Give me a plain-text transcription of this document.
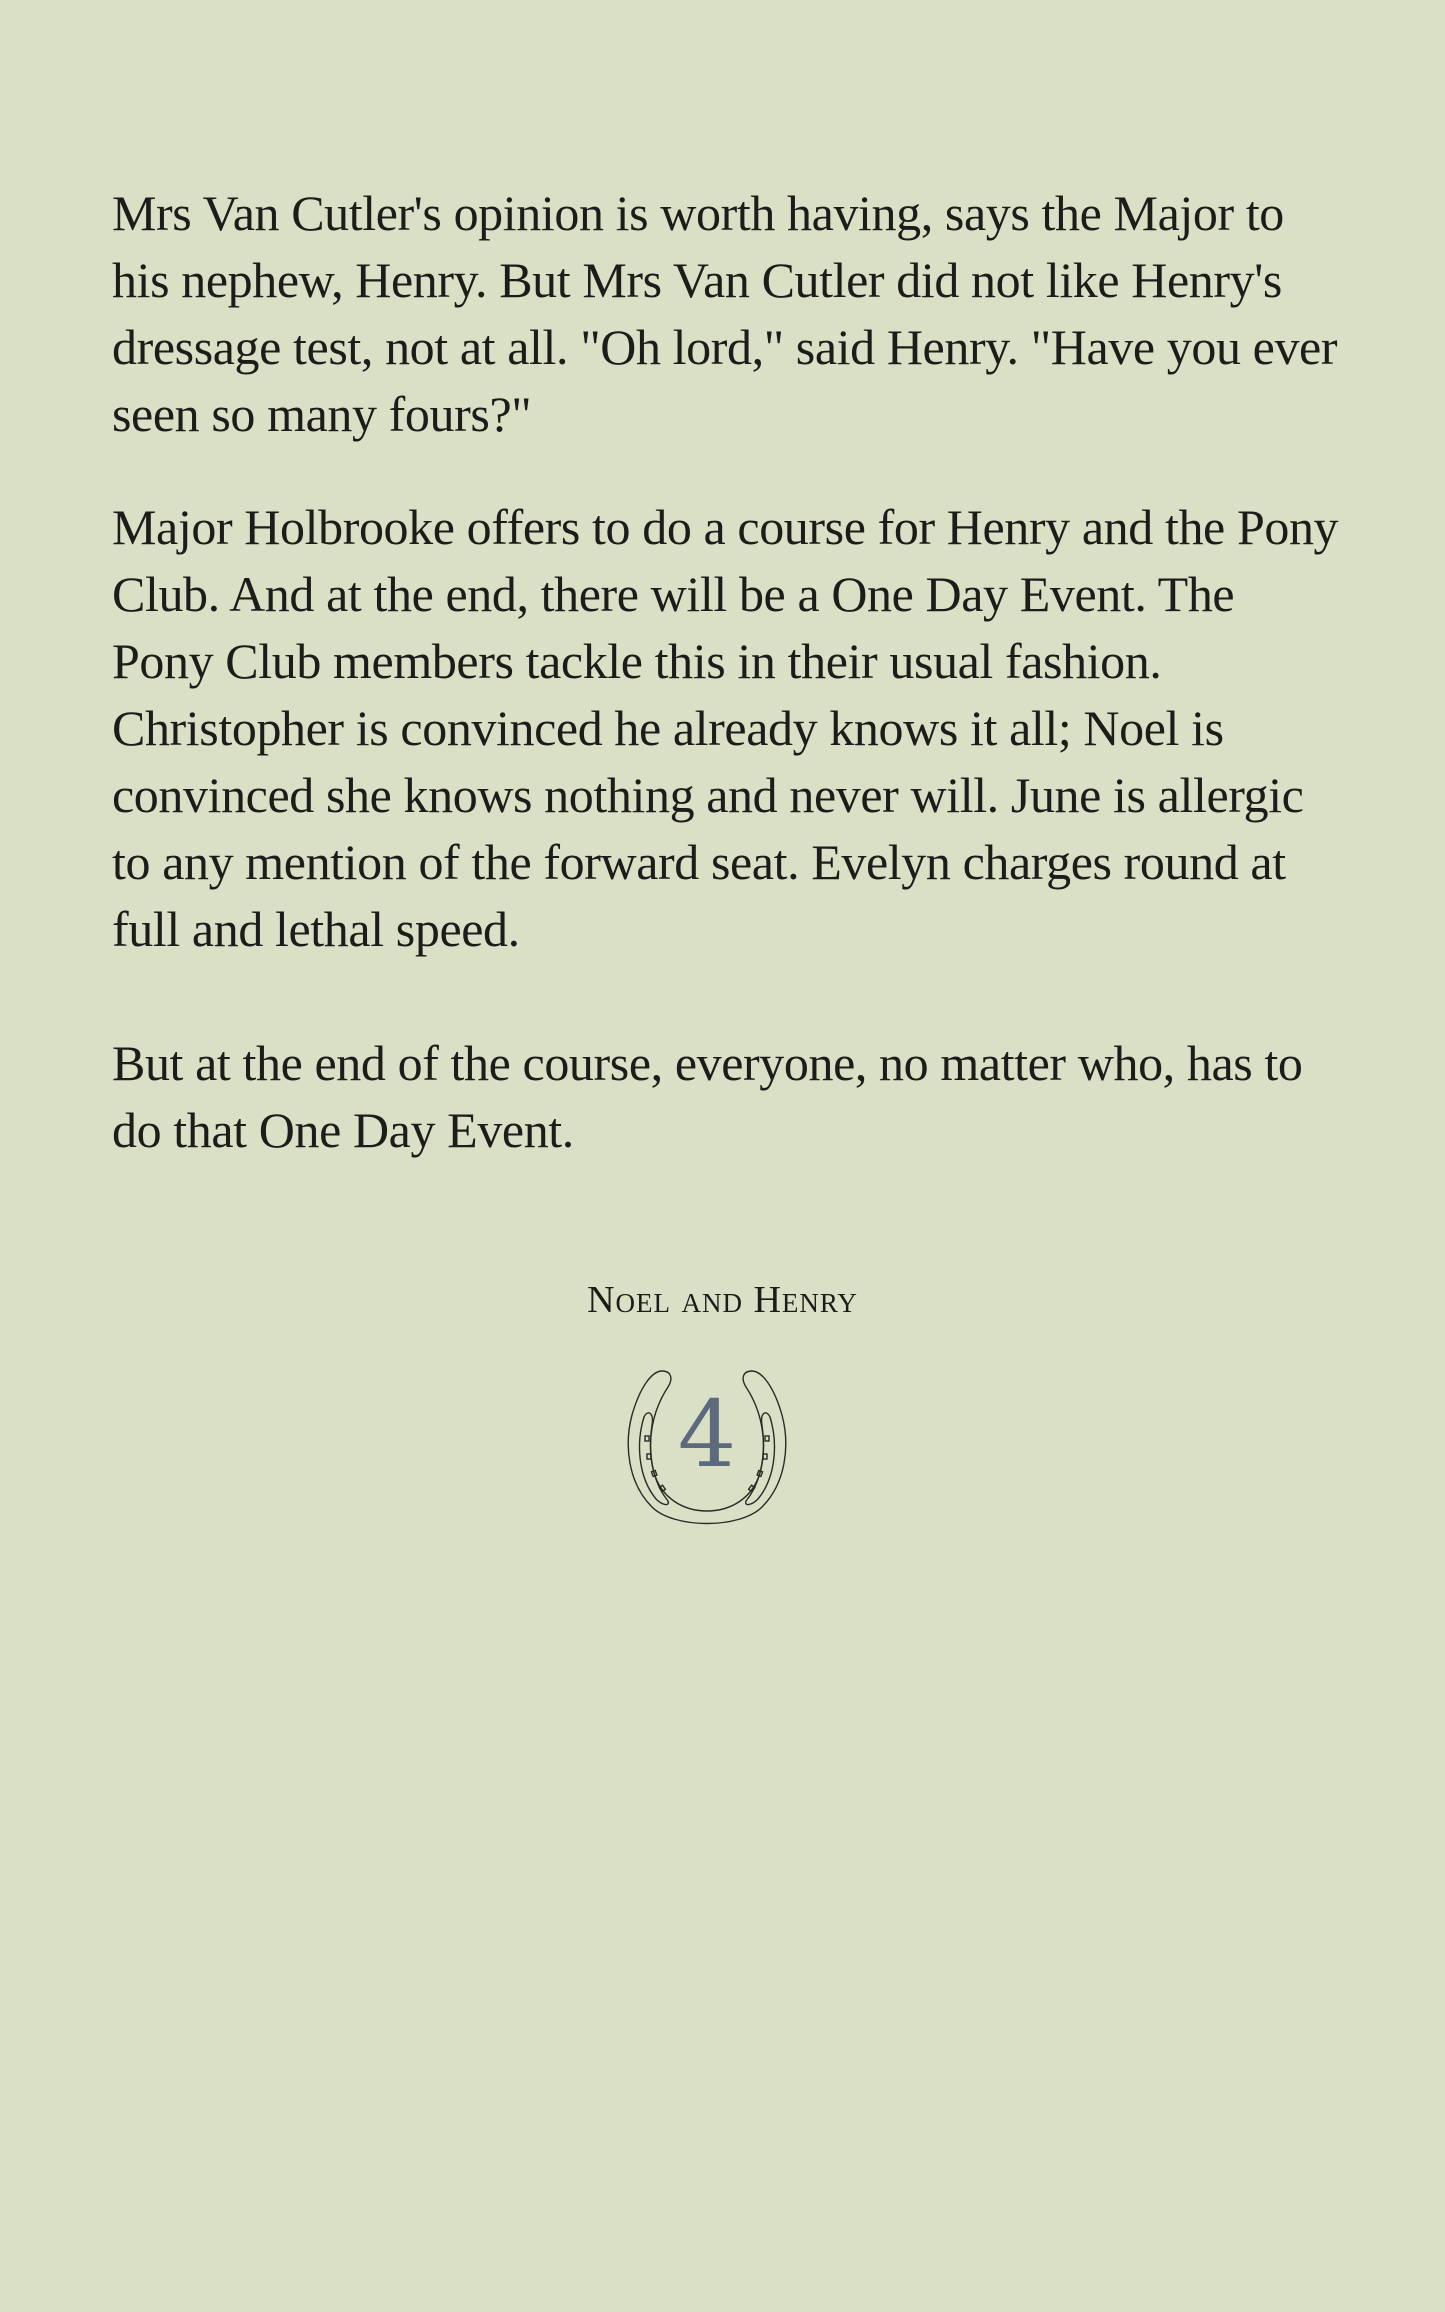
Mrs Van Cutler's opinion is worth having, says the Major to his nephew, Henry. But Mrs Van Cutler did not like Henry's dressage test, not at all. "Oh lord," said Henry. "Have you ever seen so many fours?"

Major Holbrooke offers to do a course for Henry and the Pony Club. And at the end, there will be a One Day Event. The Pony Club members tackle this in their usual fashion. Christopher is convinced he already knows it all; Noel is convinced she knows nothing and never will. June is allergic to any mention of the forward seat. Evelyn charges round at full and lethal speed.

But at the end of the course, everyone, no matter who, has to do that One Day Event.

Noel and Henry
4
